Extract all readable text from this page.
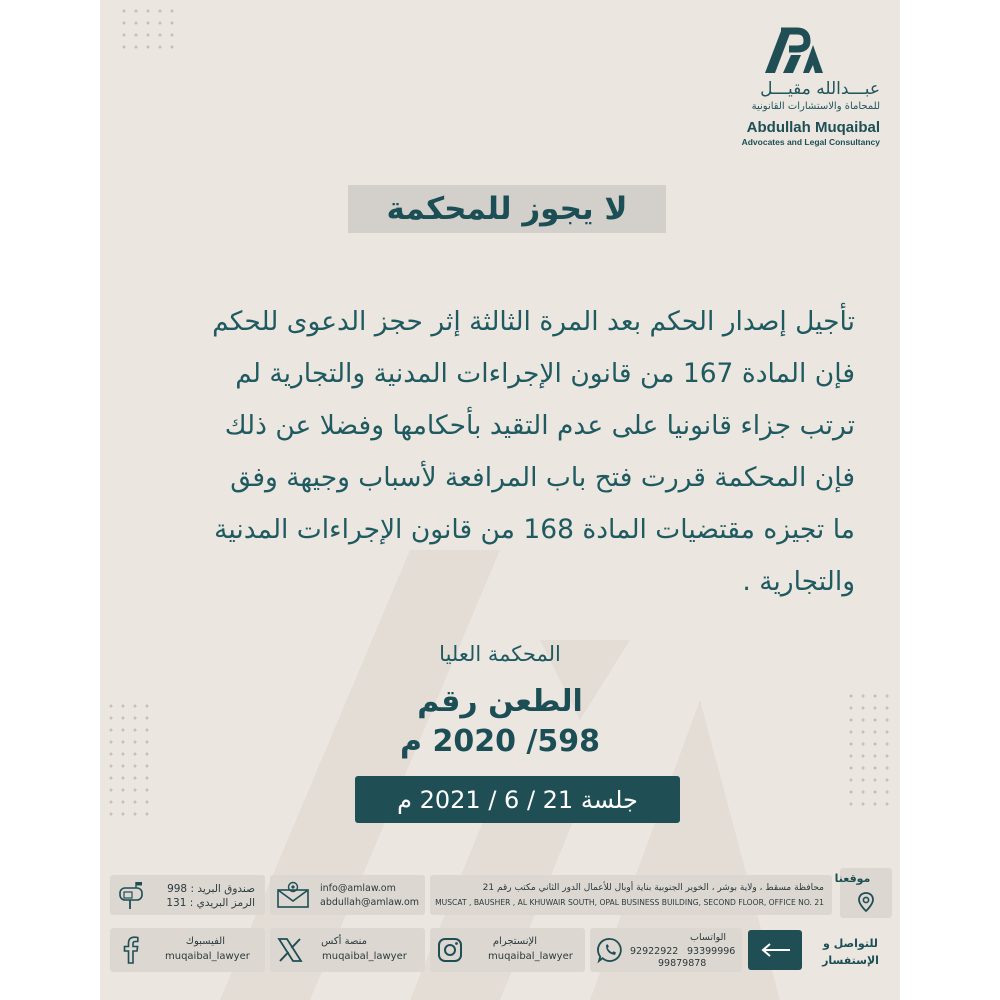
عبـــدالله مقيـــل
للمحاماة والاستشارات القانونية
Abdullah Muqaibal
Advocates and Legal Consultancy
لا يجوز للمحكمة
تأجيل إصدار الحكم بعد المرة الثالثة إثر حجز الدعوى للحكم
فإن المادة 167 من قانون الإجراءات المدنية والتجارية لم
ترتب جزاء قانونيا على عدم التقيد بأحكامها وفضلا عن ذلك
فإن المحكمة قررت فتح باب المرافعة لأسباب وجيهة وفق
ما تجيزه مقتضيات المادة 168 من قانون الإجراءات المدنية
والتجارية .
المحكمة العليا
الطعن رقم
598/ 2020 م
جلسة 21 / 6 / 2021 م
موقعنا
محافظة مسقط ، ولاية بوشر ، الخوير الجنوبية بناية أوبال للأعمال الدور الثاني مكتب رقم 21
MUSCAT , BAUSHER , AL KHUWAIR SOUTH, OPAL BUSINESS BUILDING, SECOND FLOOR, OFFICE NO. 21
info@amlaw.om
abdullah@amlaw.om
صندوق البريد : 998
الرمز البريدي : 131
للتواصل و
الإستفسار
الواتساب
92922922 93399996
99879878
الإنستجرام
muqaibal_lawyer
منصة أكس
muqaibal_lawyer
الفيسبوك
muqaibal_lawyer
